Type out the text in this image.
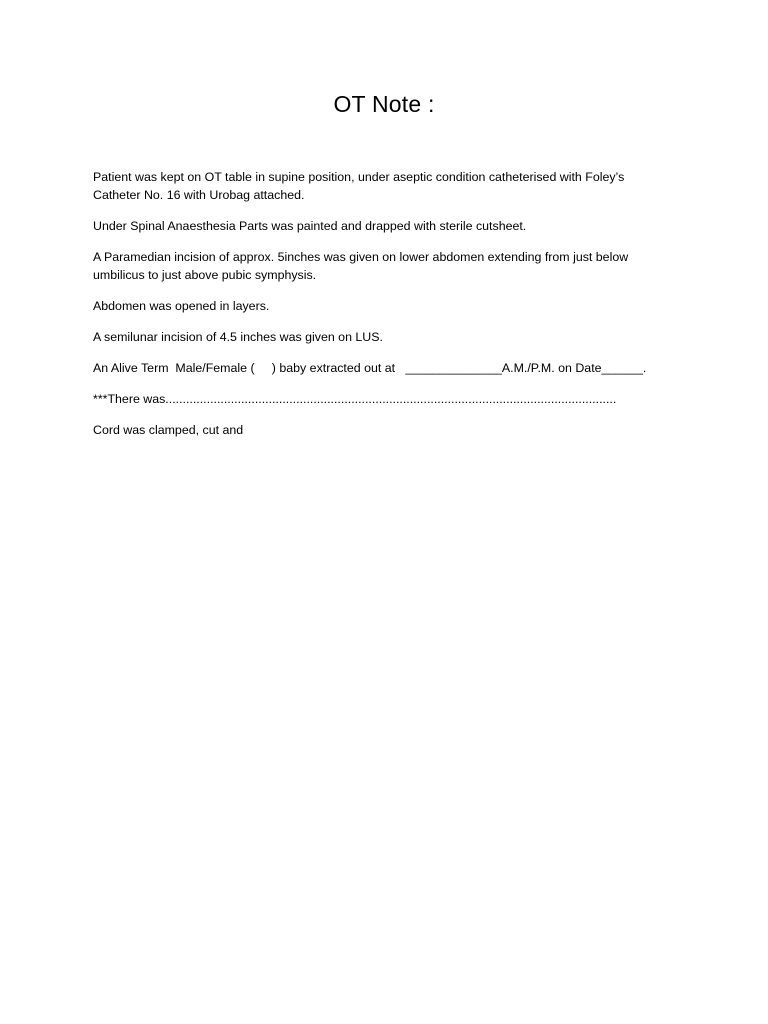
OT Note :
Patient was kept on OT table in supine position, under aseptic condition catheterised with Foley’s
Catheter No. 16 with Urobag attached.
Under Spinal Anaesthesia Parts was painted and drapped with sterile cutsheet.
A Paramedian incision of approx. 5inches was given on lower abdomen extending from just below
umbilicus to just above pubic symphysis.
Abdomen was opened in layers.
A semilunar incision of 4.5 inches was given on LUS.
An Alive Term  Male/Female (     ) baby extracted out at   ______________A.M./P.M. on Date______.
***There was...................................................................................................................................
Cord was clamped, cut and
